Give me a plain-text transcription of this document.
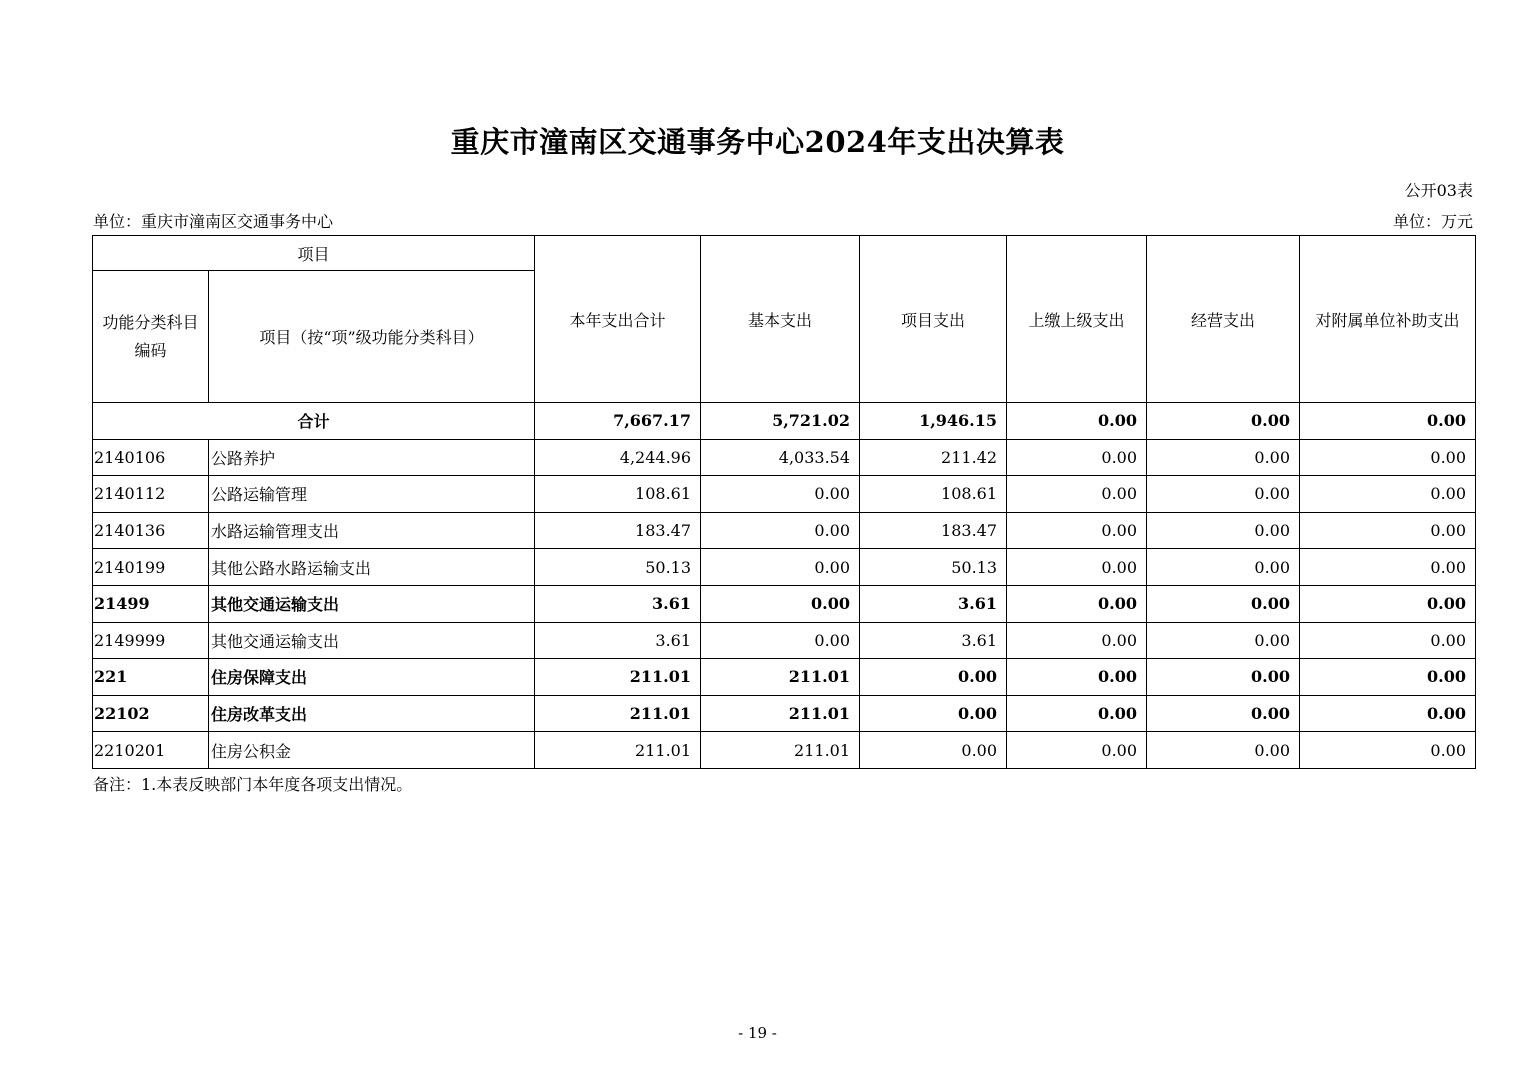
重庆市潼南区交通事务中心2024年支出决算表
公开03表
单位：重庆市潼南区交通事务中心	单位：万元
项目		本年支出合计	基本支出	项目支出	上缴上级支出	经营支出	对附属单位补助支出
功能分类科目编码	项目（按“项”级功能分类科目）						
合计		7,667.17	5,721.02	1,946.15	0.00	0.00	0.00
2140106	公路养护	4,244.96	4,033.54	211.42	0.00	0.00	0.00
2140112	公路运输管理	108.61	0.00	108.61	0.00	0.00	0.00
2140136	水路运输管理支出	183.47	0.00	183.47	0.00	0.00	0.00
2140199	其他公路水路运输支出	50.13	0.00	50.13	0.00	0.00	0.00
21499	其他交通运输支出	3.61	0.00	3.61	0.00	0.00	0.00
2149999	其他交通运输支出	3.61	0.00	3.61	0.00	0.00	0.00
221	住房保障支出	211.01	211.01	0.00	0.00	0.00	0.00
22102	住房改革支出	211.01	211.01	0.00	0.00	0.00	0.00
2210201	住房公积金	211.01	211.01	0.00	0.00	0.00	0.00
备注：1.本表反映部门本年度各项支出情况。
- 19 -
